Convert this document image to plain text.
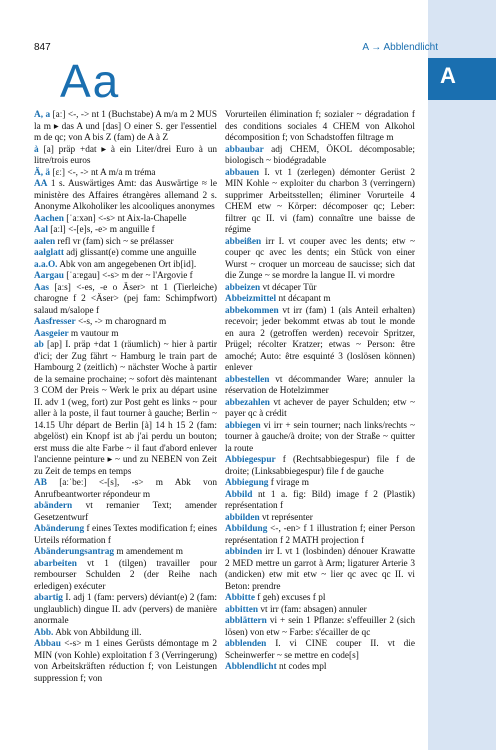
A
847	A → Abblendlicht
Aa

A, a [aː] <-, -> nt 1 (Buchstabe) A m/a m 2 MUS la m ▸ das A und [das] O einer S. ger l'essentiel m de qc; von A bis Z (fam) de A à Z

à [a] präp +dat ▸ à ein Liter/drei Euro à un litre/trois euros

Ä, ä [ɛː] <-, -> nt A m/a m tréma

AA 1 s. Auswärtiges Amt: das Auswärtige ≈ le ministère des Affaires étrangères allemand 2 s. Anonyme Alkoholiker les alcooliques anonymes

Aachen [ˈaːxən] <-s> nt Aix-la-Chapelle

Aal [aːl] <-[e]s, -e> m anguille f

aalen refl vr (fam) sich ~ se prélasser

aalglatt adj glissant(e) comme une anguille

a.a.O. Abk von am angegebenen Ort ib[id].

Aargau [ˈaːɐgau] <-s> m der ~ l'Argovie f

Aas [aːs] <-es, -e o Äser> nt 1 (Tierleiche) charogne f 2 <Äser> (pej fam: Schimpfwort) salaud m/salope f

Aasfresser <-s, -> m charognard m

Aasgeier m vautour m

ab [ap] I. präp +dat 1 (räumlich) ~ hier à partir d'ici; der Zug fährt ~ Hamburg le train part de Hambourg 2 (zeitlich) ~ nächster Woche à partir de la semaine prochaine; ~ sofort dès maintenant 3 COM der Preis ~ Werk le prix au départ usine II. adv 1 (weg, fort) zur Post geht es links ~ pour aller à la poste, il faut tourner à gauche; Berlin ~ 14.15 Uhr départ de Berlin [à] 14 h 15 2 (fam: abgelöst) ein Knopf ist ab j'ai perdu un bouton; erst muss die alte Farbe ~ il faut d'abord enlever l'ancienne peinture ▸ ~ und zu NEBEN von Zeit zu Zeit de temps en temps

AB [aːˈbeː] <-[s], -s> m Abk von Anrufbeantworter répondeur m

abändern vt remanier Text; amender Gesetzentwurf

Abänderung f eines Textes modification f; eines Urteils réformation f

Abänderungsantrag m amendement m

abarbeiten vt 1 (tilgen) travailler pour rembourser Schulden 2 (der Reihe nach erledigen) exécuter

abartig I. adj 1 (fam: pervers) déviant(e) 2 (fam: unglaublich) dingue II. adv (pervers) de manière anormale

Abb. Abk von Abbildung ill.

Abbau <-s> m 1 eines Gerüsts démontage m 2 MIN (von Kohle) exploitation f 3 (Verringerung) von Arbeitskräften réduction f; von Leistungen suppression f; von

Vorurteilen élimination f; sozialer ~ dégradation f des conditions sociales 4 CHEM von Alkohol décomposition f; von Schadstoffen filtrage m

abbaubar adj CHEM, ÖKOL décomposable; biologisch ~ biodégradable

abbauen I. vt 1 (zerlegen) démonter Gerüst 2 MIN Kohle ~ exploiter du charbon 3 (verringern) supprimer Arbeitsstellen; éliminer Vorurteile 4 CHEM etw ~ Körper: décomposer qc; Leber: filtrer qc II. vi (fam) connaître une baisse de régime

abbeißen irr I. vt couper avec les dents; etw ~ couper qc avec les dents; ein Stück von einer Wurst ~ croquer un morceau de saucisse; sich dat die Zunge ~ se mordre la langue II. vi mordre

abbeizen vt décaper Tür

Abbeizmittel nt décapant m

abbekommen vt irr (fam) 1 (als Anteil erhalten) recevoir; jeder bekommt etwas ab tout le monde en aura 2 (getroffen werden) recevoir Spritzer, Prügel; récolter Kratzer; etwas ~ Person: être amoché; Auto: être esquinté 3 (loslösen können) enlever

abbestellen vt décommander Ware; annuler la réservation de Hotelzimmer

abbezahlen vt achever de payer Schulden; etw ~ payer qc à crédit

abbiegen vi irr + sein tourner; nach links/rechts ~ tourner à gauche/à droite; von der Straße ~ quitter la route

Abbiegespur f (Rechtsabbiegespur) file f de droite; (Linksabbiegespur) file f de gauche

Abbiegung f virage m

Abbild nt 1 a. fig: Bild) image f 2 (Plastik) représentation f

abbilden vt représenter

Abbildung <-, -en> f 1 illustration f; einer Person représentation f 2 MATH projection f

abbinden irr I. vt 1 (losbinden) dénouer Krawatte 2 MED mettre un garrot à Arm; ligaturer Arterie 3 (andicken) etw mit etw ~ lier qc avec qc II. vi Beton: prendre

Abbitte f geh) excuses f pl

abbitten vt irr (fam: absagen) annuler

abblättern vi + sein 1 Pflanze: s'effeuiller 2 (sich lösen) von etw ~ Farbe: s'écailler de qc

abblenden I. vi CINE couper II. vt die Scheinwerfer ~ se mettre en code[s]

Abblendlicht nt codes mpl
